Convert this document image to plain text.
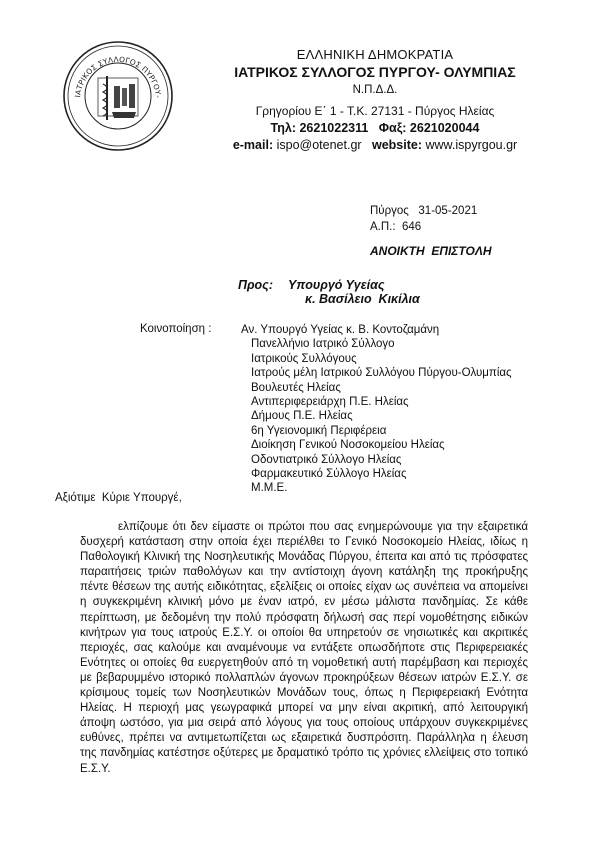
ΙΑΤΡΙΚΟΣ ΣΥΛΛΟΓΟΣ ΠΥΡΓΟΥ-
ΕΛΛΗΝΙΚΗ ΔΗΜΟΚΡΑΤΙΑ
ΙΑΤΡΙΚΟΣ ΣΥΛΛΟΓΟΣ ΠΥΡΓΟΥ- ΟΛΥΜΠΙΑΣ
Ν.Π.Δ.Δ.
Γρηγορίου Ε΄ 1 - Τ.Κ. 27131 - Πύργος Ηλείας
Τηλ: 2621022311 Φαξ: 2621020044
e-mail: ispo@otenet.gr website: www.ispyrgou.gr
Πύργος   31-05-2021
Α.Π.:  646
ΑΝΟΙΚΤΗ  ΕΠΙΣΤΟΛΗ
Προς: Υπουργό Υγείας
κ. Βασίλειο  Κικίλια
Κοινοποίηση :	Αν. Υπουργό Υγείας κ. Β. Κοντοζαμάνη
Πανελλήνιο Ιατρικό Σύλλογο
Ιατρικούς Συλλόγους
Ιατρούς μέλη Ιατρικού Συλλόγου Πύργου-Ολυμπίας
Βουλευτές Ηλείας
Αντιπεριφερειάρχη Π.Ε. Ηλείας
Δήμους Π.Ε. Ηλείας
6η Υγειονομική Περιφέρεια
Διοίκηση Γενικού Νοσοκομείου Ηλείας
Οδοντιατρικό Σύλλογο Ηλείας
Φαρμακευτικό Σύλλογο Ηλείας
Μ.Μ.Ε.
Αξιότιμε  Κύριε Υπουργέ,

ελπίζουμε ότι δεν είμαστε οι πρώτοι που σας ενημερώνουμε για την εξαιρετικά δυσχερή κατάσταση στην οποία έχει περιέλθει το Γενικό Νοσοκομείο Ηλείας, ιδίως η Παθολογική Κλινική της Νοσηλευτικής Μονάδας Πύργου, έπειτα και από τις πρόσφατες παραιτήσεις τριών παθολόγων και την αντίστοιχη άγονη κατάληξη της προκήρυξης πέντε θέσεων της αυτής ειδικότητας, εξελίξεις οι οποίες είχαν ως συνέπεια να απομείνει η συγκεκριμένη κλινική μόνο με έναν ιατρό, εν μέσω μάλιστα πανδημίας. Σε κάθε περίπτωση, με δεδομένη την πολύ πρόσφατη δήλωσή σας περί νομοθέτησης ειδικών κινήτρων για τους ιατρούς Ε.Σ.Υ. οι οποίοι θα υπηρετούν σε νησιωτικές και ακριτικές περιοχές, σας καλούμε και αναμένουμε να εντάξετε οπωσδήποτε στις Περιφερειακές Ενότητες οι οποίες θα ευεργετηθούν από τη νομοθετική αυτή παρέμβαση και περιοχές με βεβαρυμμένο ιστορικό πολλαπλών άγονων προκηρύξεων θέσεων ιατρών Ε.Σ.Υ. σε κρίσιμους τομείς των Νοσηλευτικών Μονάδων τους, όπως η Περιφερειακή Ενότητα Ηλείας. Η περιοχή μας γεωγραφικά μπορεί να μην είναι ακριτική, από λειτουργική άποψη ωστόσο, για μια σειρά από λόγους για τους οποίους υπάρχουν συγκεκριμένες ευθύνες, πρέπει να αντιμετωπίζεται ως εξαιρετικά δυσπρόσιτη. Παράλληλα η έλευση της πανδημίας κατέστησε οξύτερες με δραματικό τρόπο τις χρόνιες ελλείψεις στο τοπικό Ε.Σ.Υ.
